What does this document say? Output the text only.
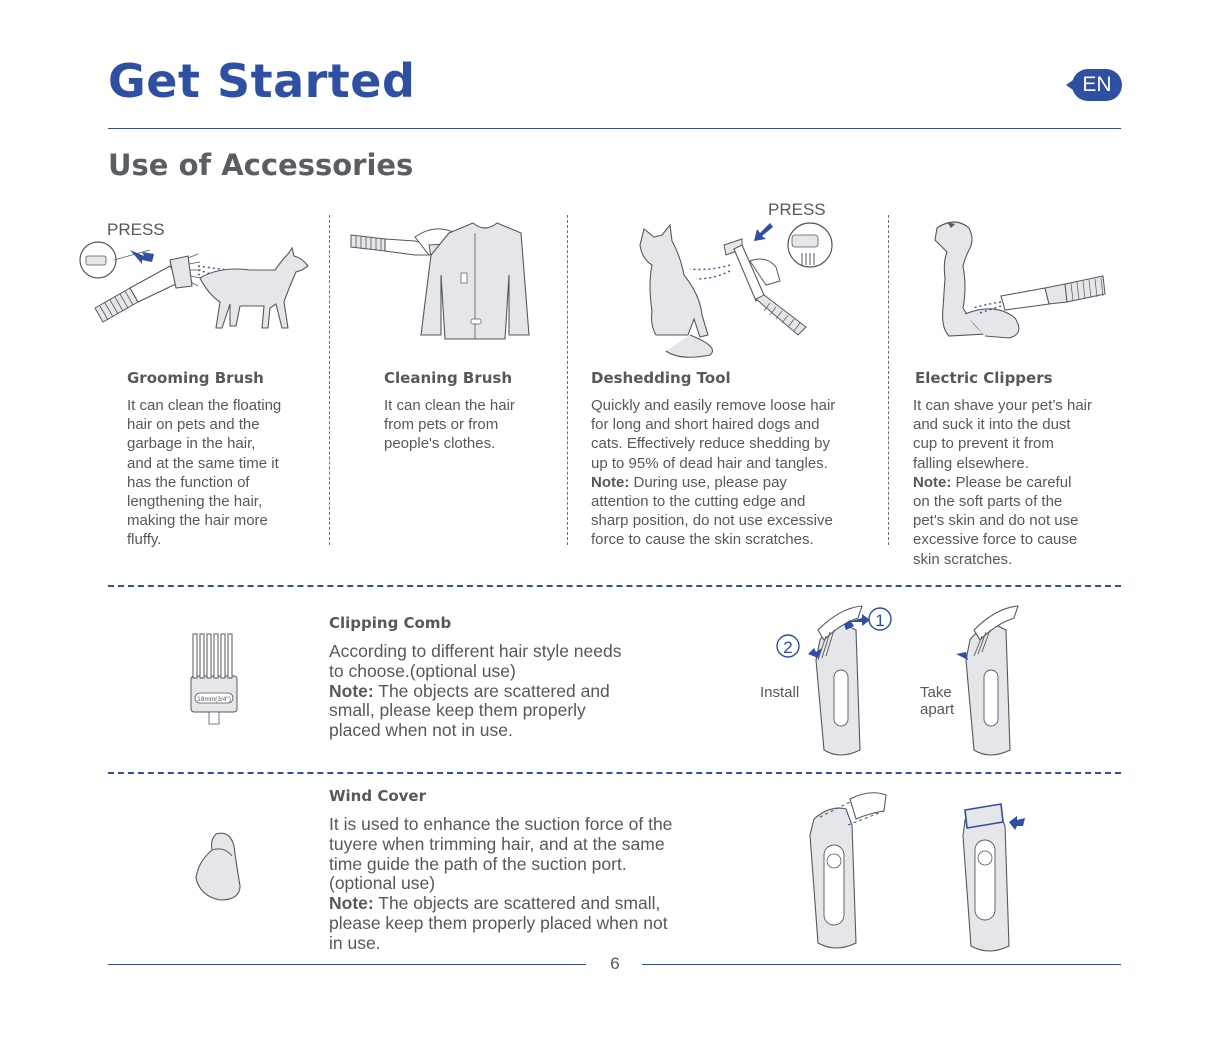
Get Started	EN
Use of Accessories
PRESS
PRESS
Grooming Brush
It can clean the floating
hair on pets and the
garbage in the hair,
and at the same time it
has the function of
lengthening the hair,
making the hair more
fluffy.
Cleaning Brush
It can clean the hair
from pets or from
people's clothes.
Deshedding Tool
Quickly and easily remove loose hair
for long and short haired dogs and
cats. Effectively reduce shedding by
up to 95% of dead hair and tangles.
Note: During use, please pay
attention to the cutting edge and
sharp position, do not use excessive
force to cause the skin scratches.
Electric Clippers
It can shave your pet’s hair
and suck it into the dust
cup to prevent it from
falling elsewhere.
Note: Please be careful
on the soft parts of the
pet's skin and do not use
excessive force to cause
skin scratches.
18mm(3/4")
Clipping Comb
According to different hair style needs
to choose.(optional use)
Note: The objects are scattered and
small, please keep them properly
placed when not in use.
1
2
Install	Take
apart
Wind Cover
It is used to enhance the suction force of the
tuyere when trimming hair, and at the same
time guide the path of the suction port.
(optional use)
Note: The objects are scattered and small,
please keep them properly placed when not
in use.
6
